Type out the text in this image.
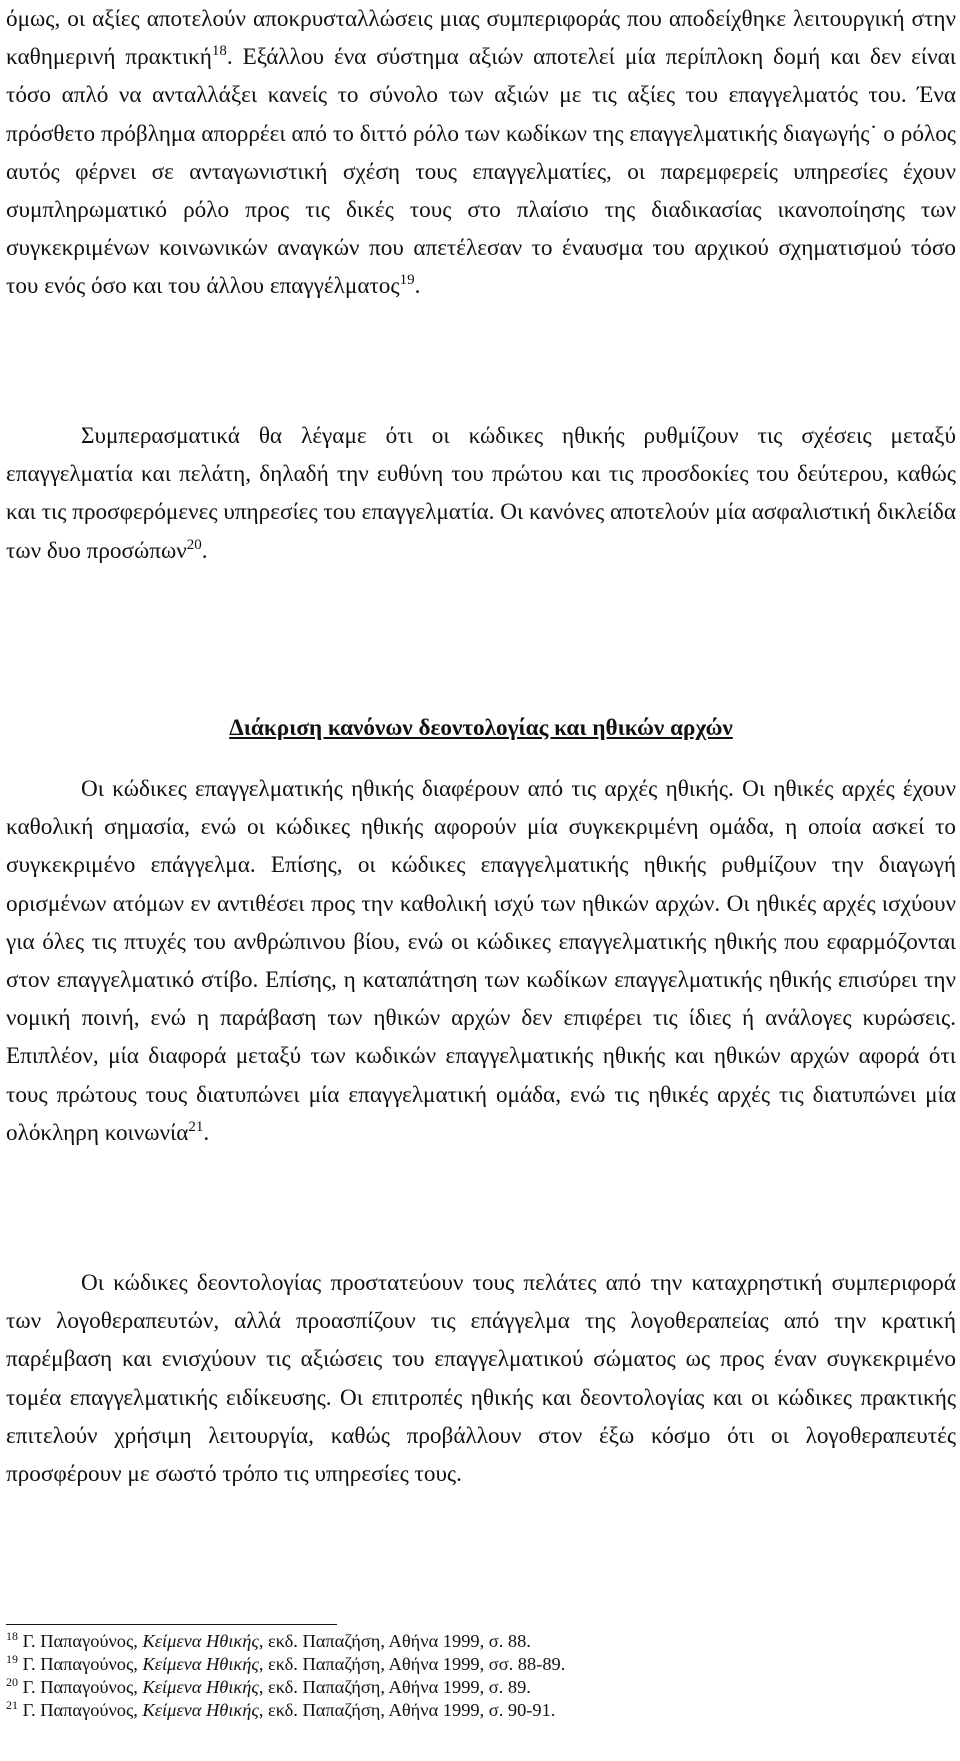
όμως, οι αξίες αποτελούν αποκρυσταλλώσεις μιας συμπεριφοράς που αποδείχθηκε λειτουργική στην καθημερινή πρακτική$^{18}$. Εξάλλου ένα σύστημα αξιών αποτελεί μία περίπλοκη δομή και δεν είναι τόσο απλό να ανταλλάξει κανείς το σύνολο των αξιών με τις αξίες του επαγγελματός του. Ένα πρόσθετο πρόβλημα απορρέει από το διττό ρόλο των κωδίκων της επαγγελματικής διαγωγής˙ ο ρόλος αυτός φέρνει σε ανταγωνιστική σχέση τους επαγγελματίες, οι παρεμφερείς υπηρεσίες έχουν συμπληρωματικό ρόλο προς τις δικές τους στο πλαίσιο της διαδικασίας ικανοποίησης των συγκεκριμένων κοινωνικών αναγκών που απετέλεσαν το έναυσμα του αρχικού σχηματισμού τόσο του ενός όσο και του άλλου επαγγέλματος$^{19}$.

Συμπερασματικά θα λέγαμε ότι οι κώδικες ηθικής ρυθμίζουν τις σχέσεις μεταξύ επαγγελματία και πελάτη, δηλαδή την ευθύνη του πρώτου και τις προσδοκίες του δεύτερου, καθώς και τις προσφερόμενες υπηρεσίες του επαγγελματία. Οι κανόνες αποτελούν μία ασφαλιστική δικλείδα των δυο προσώπων$^{20}$.

Διάκριση κανόνων δεοντολογίας και ηθικών αρχών

Οι κώδικες επαγγελματικής ηθικής διαφέρουν από τις αρχές ηθικής. Οι ηθικές αρχές έχουν καθολική σημασία, ενώ οι κώδικες ηθικής αφορούν μία συγκεκριμένη ομάδα, η οποία ασκεί το συγκεκριμένο επάγγελμα. Επίσης, οι κώδικες επαγγελματικής ηθικής ρυθμίζουν την διαγωγή ορισμένων ατόμων εν αντιθέσει προς την καθολική ισχύ των ηθικών αρχών. Οι ηθικές αρχές ισχύουν για όλες τις πτυχές του ανθρώπινου βίου, ενώ οι κώδικες επαγγελματικής ηθικής που εφαρμόζονται στον επαγγελματικό στίβο. Επίσης, η καταπάτηση των κωδίκων επαγγελματικής ηθικής επισύρει την νομική ποινή, ενώ η παράβαση των ηθικών αρχών δεν επιφέρει τις ίδιες ή ανάλογες κυρώσεις. Επιπλέον, μία διαφορά μεταξύ των κωδικών επαγγελματικής ηθικής και ηθικών αρχών αφορά ότι τους πρώτους τους διατυπώνει μία επαγγελματική ομάδα, ενώ τις ηθικές αρχές τις διατυπώνει μία ολόκληρη κοινωνία$^{21}$.

Οι κώδικες δεοντολογίας προστατεύουν τους πελάτες από την καταχρηστική συμπεριφορά των λογοθεραπευτών, αλλά προασπίζουν τις επάγγελμα της λογοθεραπείας από την κρατική παρέμβαση και ενισχύουν τις αξιώσεις του επαγγελματικού σώματος ως προς έναν συγκεκριμένο τομέα επαγγελματικής ειδίκευσης. Οι επιτροπές ηθικής και δεοντολογίας και οι κώδικες πρακτικής επιτελούν χρήσιμη λειτουργία, καθώς προβάλλουν στον έξω κόσμο ότι οι λογοθεραπευτές προσφέρουν με σωστό τρόπο τις υπηρεσίες τους.

$^{18}$ Γ. Παπαγούνος, Κείμενα Ηθικής, εκδ. Παπαζήση, Αθήνα 1999, σ. 88.
$^{19}$ Γ. Παπαγούνος, Κείμενα Ηθικής, εκδ. Παπαζήση, Αθήνα 1999, σσ. 88-89.
$^{20}$ Γ. Παπαγούνος, Κείμενα Ηθικής, εκδ. Παπαζήση, Αθήνα 1999, σ. 89.
$^{21}$ Γ. Παπαγούνος, Κείμενα Ηθικής, εκδ. Παπαζήση, Αθήνα 1999, σ. 90-91.
